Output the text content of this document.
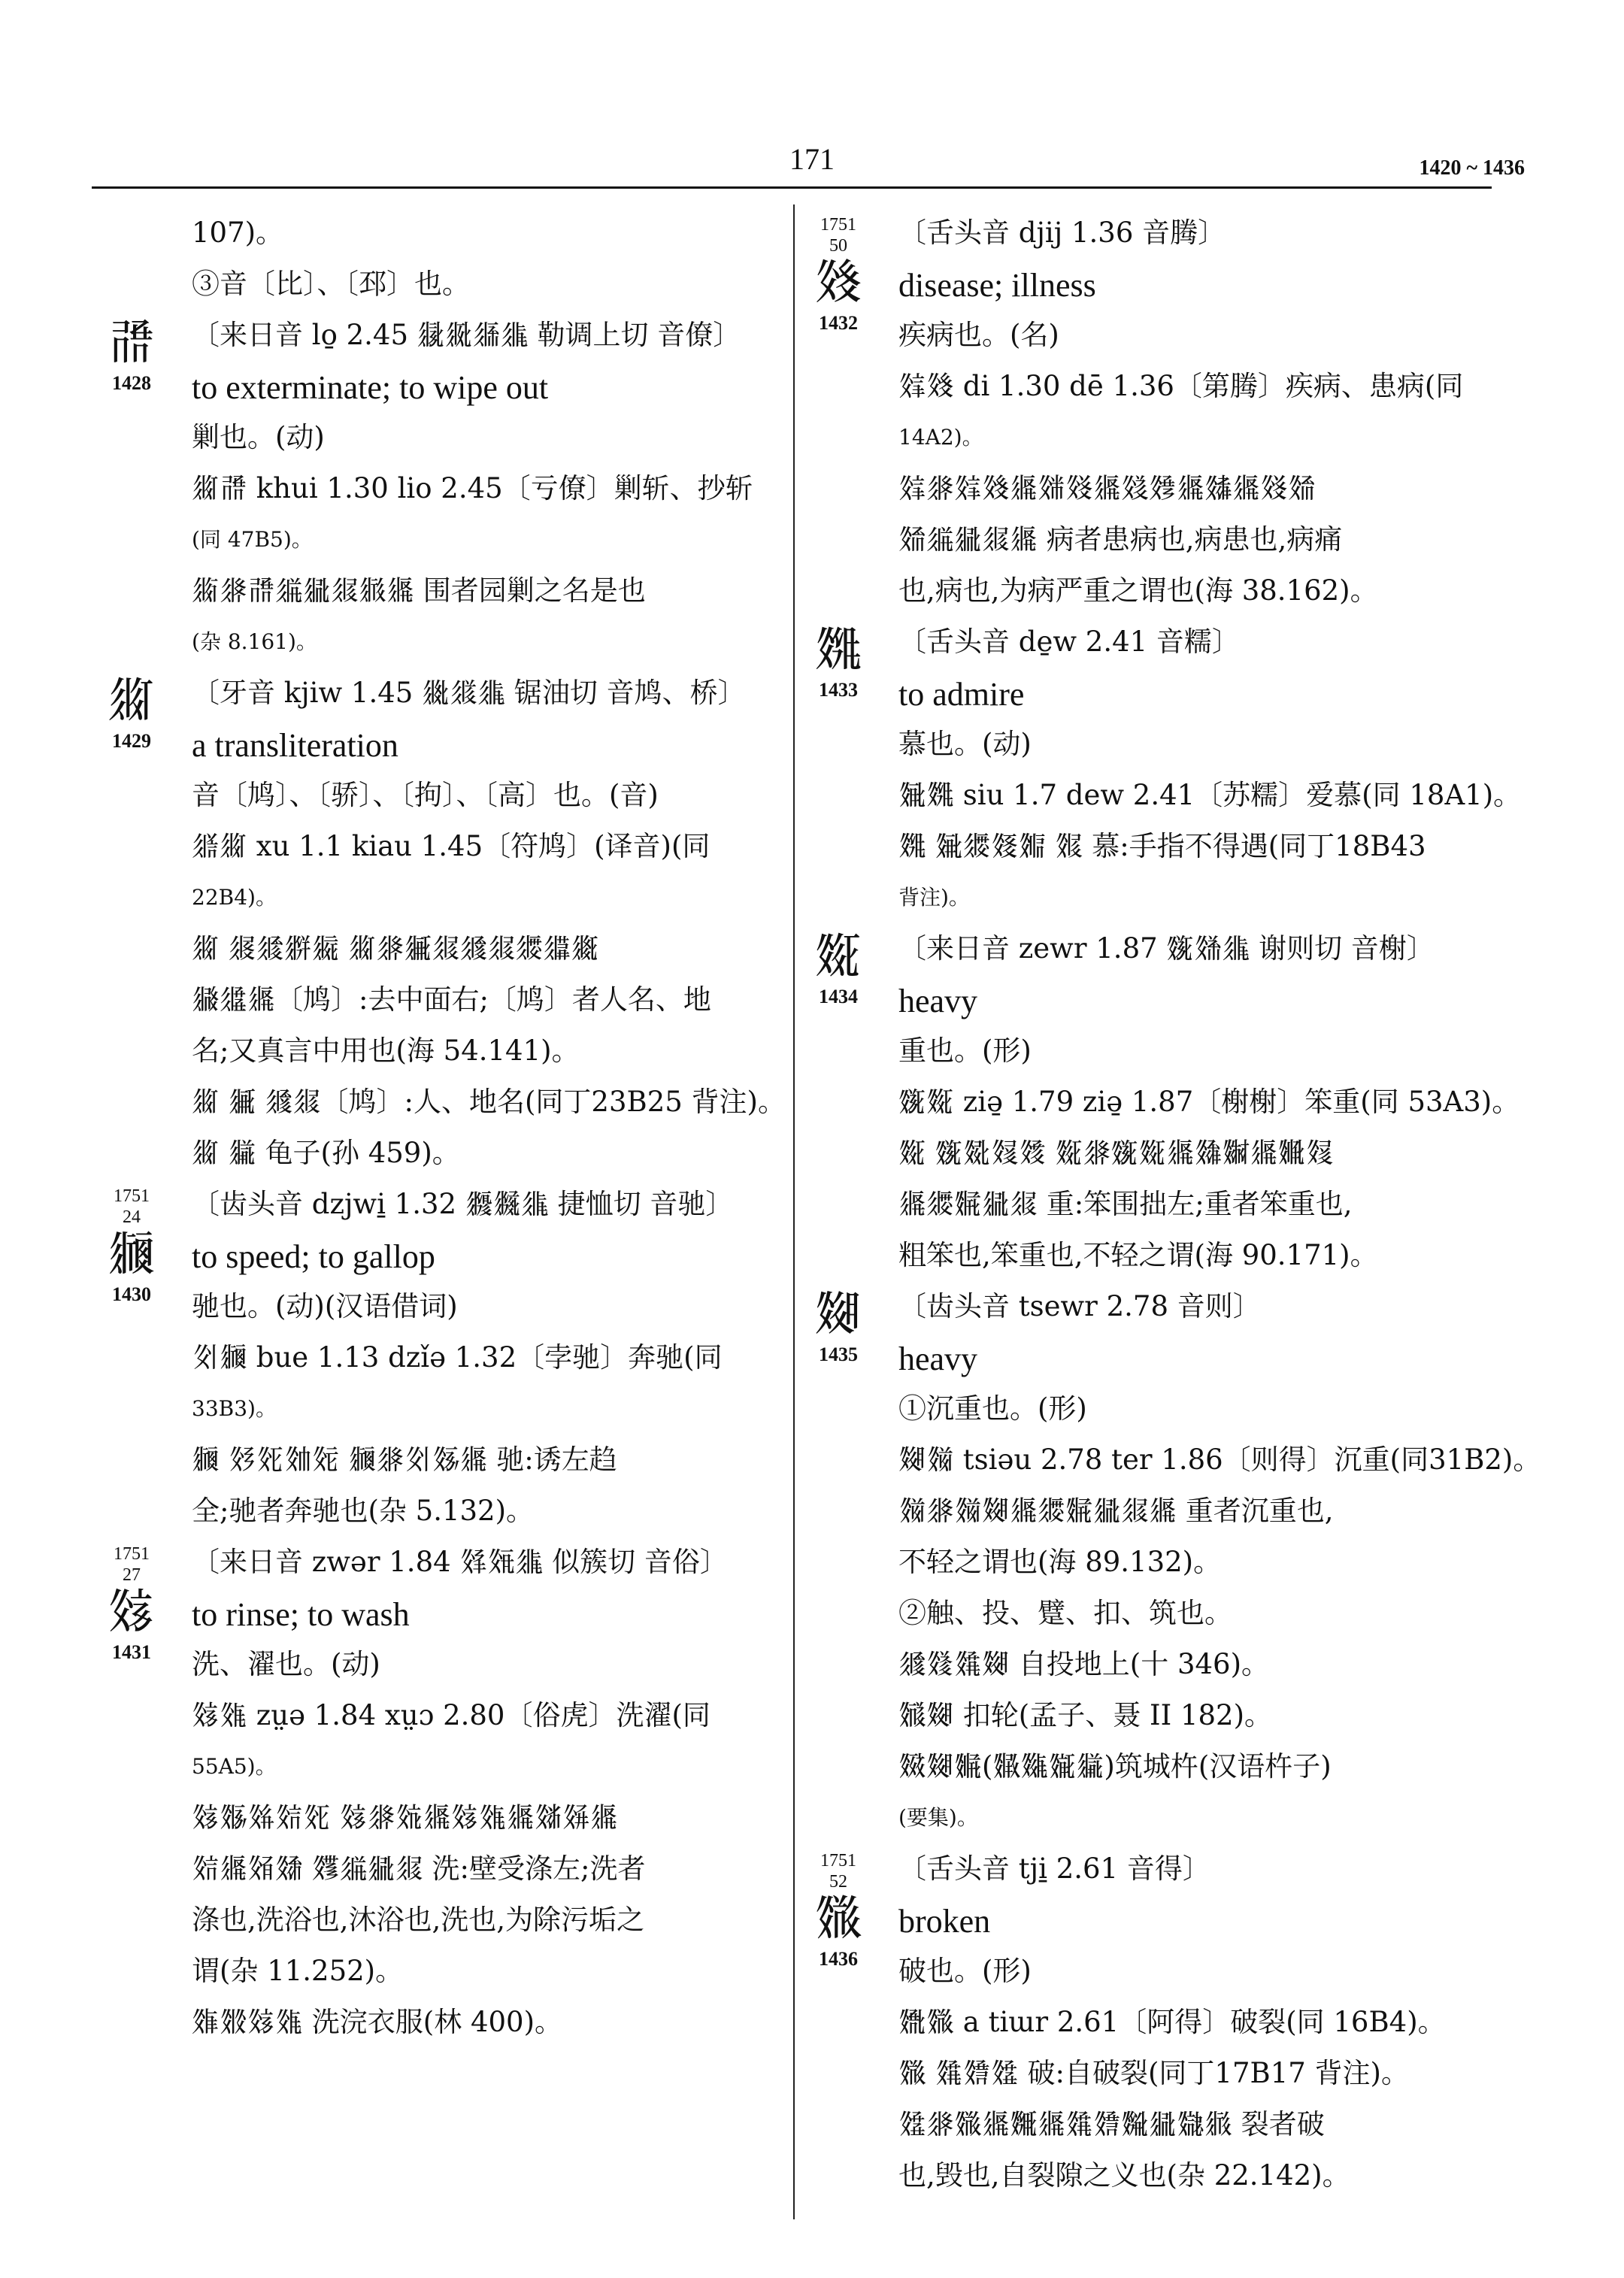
171	1420 ~ 1436
107)。
③音〔比〕、〔邳〕也。
𗰠
1428
〔来日音 lo̱ 2.45 𗼑𗼒𗼓𗼔 勒调上切 音僚〕
to exterminate; to wipe out
剿也。(动)
𗼕𗰠 khui 1.30 lio 2.45〔亏僚〕剿斩、抄斩
(同 47B5)。
𗼖𗼗𗰠𗼘𗼙𗼚𗼛𗼜 围者园剿之名是也
(杂 8.161)。
𗼕
1429
〔牙音 kjiw 1.45 𗼝𗼞𗼔 锯油切 音鸠、桥〕
a transliteration
音〔鸠〕、〔骄〕、〔拘〕、〔高〕也。(音)
𗼟𗼕 xu 1.1 kiau 1.45〔符鸠〕(译音)(同
22B4)。
𗼕 𗼠𗼡𗼢𗼣 𗼕𗼗𗼤𗼚𗼥𗼚𗼦𗼧𗼨
𗼩𗼪𗼜〔鸠〕:去中面右;〔鸠〕者人名、地
名;又真言中用也(海 54.141)。
𗼕 𗼤 𗼥𗼚〔鸠〕:人、地名(同丁23B25 背注)。
𗼕 𗼫 龟子(孙 459)。
1751
24
𗼬
1430
〔齿头音 dzjwi̱ 1.32 𗼭𗼮𗼔 捷恤切 音驰〕
to speed; to gallop
驰也。(动)(汉语借词)
𗼯𗼬 bue 1.13 dzǐə 1.32〔孛驰〕奔驰(同
33B3)。
𗼬 𗼰𗼱𗼲𗼳 𗼬𗼗𗼯𗼴𗼜 驰:诱左趋
全;驰者奔驰也(杂 5.132)。
1751
27
𗼵
1431
〔来日音 zwər 1.84 𗼶𗼷𗼔 似簇切 音俗〕
to rinse; to wash
洗、濯也。(动)
𗼵𗼸 zṳə 1.84 xṳɔ 2.80〔俗虎〕洗濯(同
55A5)。
𗼵𗼹𗼺𗼻𗼱 𗼵𗼗𗼼𗼜𗼵𗼸𗼜𗼽𗼾𗼜
𗼻𗼜𗼿𗽀 𗽁𗼘𗼙𗼚 洗:壁受涤左;洗者
涤也,洗浴也,沐浴也,洗也,为除污垢之
谓(杂 11.252)。
𗽂𗽃𗼵𗼸 洗浣衣服(林 400)。
1751
50
𗽄
1432
〔舌头音 djij 1.36 音腾〕
disease; illness
疾病也。(名)
𗽅𗽄 di 1.30 dē 1.36〔第腾〕疾病、患病(同
14A2)。
𗽅𗼗𗽅𗽄𗼜𗽆𗽇𗼜𗽈𗽉𗼜𗽊𗼜𗽇𗽋
𗽋𗼘𗼙𗼚𗼜 病者患病也,病患也,病痛
也,病也,为病严重之谓也(海 38.162)。
𗽌
1433
〔舌头音 de̱w 2.41 音糯〕
to admire
慕也。(动)
𗽍𗽌 siu 1.7 dew 2.41〔苏糯〕爱慕(同 18A1)。
𗽌 𗽎𗼦𗽏𗽐 𗽑 慕:手指不得遇(同丁18B43
背注)。
𗽒
1434
〔来日音 zewr 1.87 𗽓𗽔𗼔 谢则切 音榭〕
heavy
重也。(形)
𗽓𗽒 ziə̱ 1.79 ziə̱ 1.87〔榭榭〕笨重(同 53A3)。
𗽒 𗽓𗽕𗽖𗽗 𗽒𗼗𗽓𗽒𗼜𗽘𗽙𗼜𗽚𗽖
𗼜𗼦𗽛𗼙𗼚 重:笨围拙左;重者笨重也,
粗笨也,笨重也,不轻之谓(海 90.171)。
𗽜
1435
〔齿头音 tsewr 2.78 音则〕
heavy
①沉重也。(形)
𗽜𗽝 tsiəu 2.78 ter 1.86〔则得〕沉重(同31B2)。
𗽝𗼗𗽝𗽜𗼜𗼦𗽛𗼙𗼚𗼜 重者沉重也,
不轻之谓也(海 89.132)。
②触、投、躄、扣、筑也。
𗼥𗽞𗽟𗽜 自投地上(十 346)。
𗽠𗽜 扣轮(孟子、聂 II 182)。
𗽡𗽜𗽢(𗽣𗽤𗽥𗼫)筑城杵(汉语杵子)
(要集)。
1751
52
𗽦
1436
〔舌头音 tji̱ 2.61 音得〕
broken
破也。(形)
𗽧𗽦 a tiɯr 2.61〔阿得〕破裂(同 16B4)。
𗽦 𗽟𗽨𗽩 破:自破裂(同丁17B17 背注)。
𗽩𗼗𗽦𗼜𗽪𗼜𗽟𗽨𗽫𗼙𗽬𗼛 裂者破
也,毁也,自裂隙之义也(杂 22.142)。
